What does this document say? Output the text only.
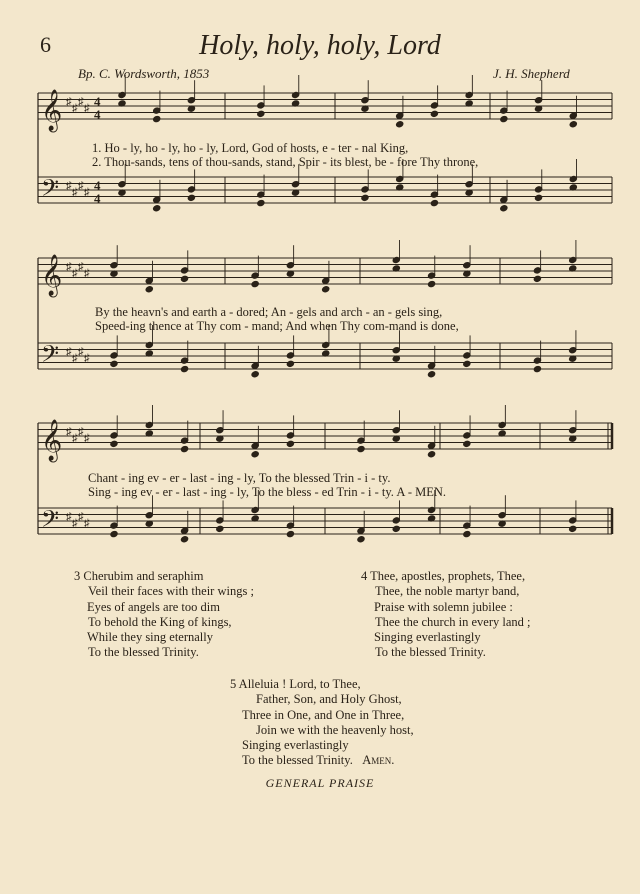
6	Holy, holy, holy, Lord
Bp. C. Wordsworth, 1853	J. H. Shepherd
𝄞 ♯
♯
♯
♯ 4
4
𝄢 ♯
♯
♯
♯ 4
4
𝄞 ♯
♯
♯
♯
𝄢 ♯
♯
♯
♯
𝄞 ♯
♯
♯
♯
𝄢 ♯
♯
♯
♯
1. Ho - ly, ho - ly, ho - ly, Lord, God of hosts, e - ter - nal King,
2. Thou-sands, tens of thou-sands, stand, Spir - its blest, be - fore Thy throne,
By the heavn's and earth a - dored; An - gels and arch - an - gels sing,
Speed-ing thence at Thy com - mand; And when Thy com-mand is done,
Chant - ing ev - er - last - ing - ly, To the blessed Trin - i - ty.
Sing - ing ev - er - last - ing - ly, To the bless - ed Trin - i - ty. A - MEN.
3 Cherubim and seraphim
Veil their faces with their wings ;
Eyes of angels are too dim
To behold the King of kings,
While they sing eternally
To the blessed Trinity.
4 Thee, apostles, prophets, Thee,
Thee, the noble martyr band,
Praise with solemn jubilee :
Thee the church in every land ;
Singing everlastingly
To the blessed Trinity.
5 Alleluia ! Lord, to Thee,
Father, Son, and Holy Ghost,
Three in One, and One in Three,
Join we with the heavenly host,
Singing everlastingly
To the blessed Trinity. Amen.
GENERAL PRAISE
